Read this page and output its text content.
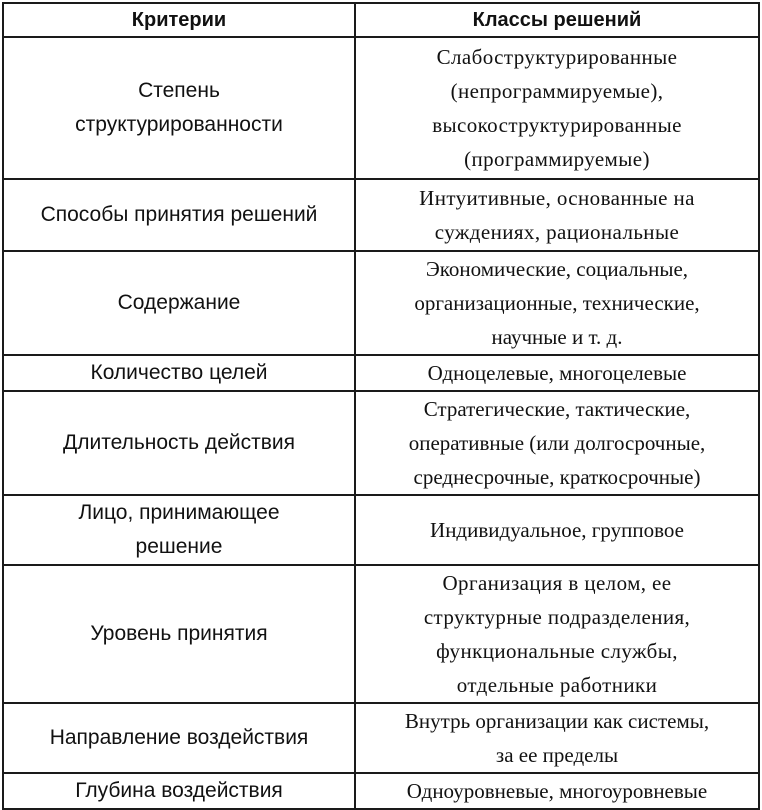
Критерии	Классы решений

Степень
структурированности	Слабоструктурированные
(непрограммируемые),
высокоструктурированные
(программируемые)

Способы принятия решений	Интуитивные, основанные на
суждениях, рациональные

Содержание	Экономические, социальные,
организационные, технические,
научные и т. д.

Количество целей	Одноцелевые, многоцелевые

Длительность действия	Стратегические, тактические,
оперативные (или долгосрочные,
среднесрочные, краткосрочные)

Лицо, принимающее
решение	Индивидуальное, групповое

Уровень принятия	Организация в целом, ее
структурные подразделения,
функциональные службы,
отдельные работники

Направление воздействия	Внутрь организации как системы,
за ее пределы

Глубина воздействия	Одноуровневые, многоуровневые
